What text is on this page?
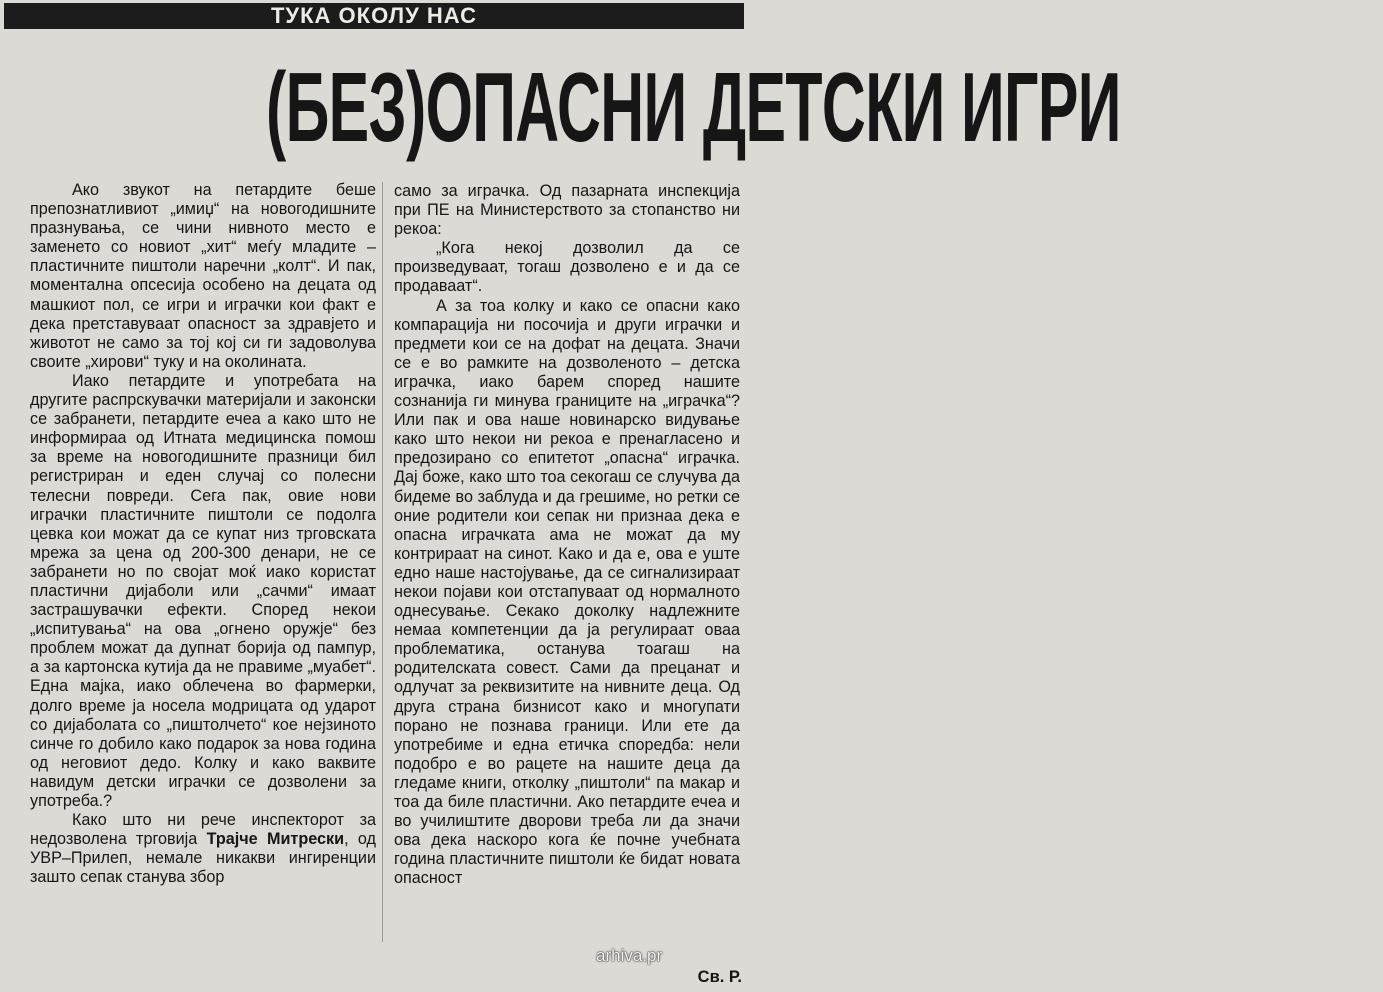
ТУКА ОКОЛУ НАС
(БЕЗ)ОПАСНИ ДЕТСКИ ИГРИ

Ако звукот на петардите беше препознатливиот „имиџ“ на новогодишните празнувања, се чини нивното место е заменето со новиот „хит“ меѓу младите – пластичните пиштоли наречни „колт“. И пак, моментална опсесија особено на децата од машкиот пол, се игри и играчки кои факт е дека претставуваат опасност за здравјето и животот не само за тој кој си ги задоволува своите „хирови“ туку и на околината.

Иако петардите и употребата на другите распрскувачки материјали и законски се забранети, петардите ечеа а како што не информираа од Итната медицинска помош за време на новогодишните празници бил регистриран и еден случај со полесни телесни повреди. Сега пак, овие нови играчки пластичните пиштоли се подолга цевка кои можат да се купат низ трговската мрежа за цена од 200-300 денари, не се забранети но по својат моќ иако користат пластични дијаболи или „сачми“ имаат застрашувачки ефекти. Според некои „испитувања“ на ова „огнено оружје“ без проблем можат да дупнат борија од пампур, а за картонска кутија да не правиме „муабет“. Една мајка, иако облечена во фармерки, долго време ја носела модрицата од ударот со дијаболата со „пиштолчето“ кое нејзиното синче го добило како подарок за нова година од неговиот дедо. Колку и како ваквите навидум детски играчки се дозволени за употреба.?

Како што ни рече инспекторот за недозволена трговија Трајче Митрески, од УВР–Прилеп, немале никакви ингиренции зашто сепак станува збор

само за играчка. Од пазарната инспекција при ПЕ на Министерството за стопанство ни рекоа:

„Кога некој дозволил да се произведуваат, тогаш дозволено е и да се продаваат“.

А за тоа колку и како се опасни како компарација ни посочија и други играчки и предмети кои се на дофат на децата. Значи се е во рамките на дозволеното – детска играчка, иако барем според нашите сознанија ги минува границите на „играчка“? Или пак и ова наше новинарско видување како што некои ни рекоа е пренагласено и предозирано со епитетот „опасна“ играчка. Дај боже, како што тоа секогаш се случува да бидеме во заблуда и да грешиме, но ретки се оние родители кои сепак ни признаа дека е опасна играчката ама не можат да му контрираат на синот. Како и да е, ова е уште едно наше настојување, да се сигнализираат некои појави кои отстапуваат од нормалното однесување. Секако доколку надлежните немаа компетенции да ја регулираат оваа проблематика, останува тоагаш на родителската совест. Сами да прецанат и одлучат за реквизитите на нивните деца. Од друга страна бизнисот како и многупати порано не познава граници. Или ете да употребиме и една етичка споредба: нели подобро е во рацете на нашите деца да гледаме книги, отколку „пиштоли“ па макар и тоа да биле пластични. Ако петардите ечеа и во училиштите дворови треба ли да значи ова дека наскоро кога ќе почне учебната година пластичните пиштоли ќе бидат новата опасност

Св. Р.
arhiva.pr
